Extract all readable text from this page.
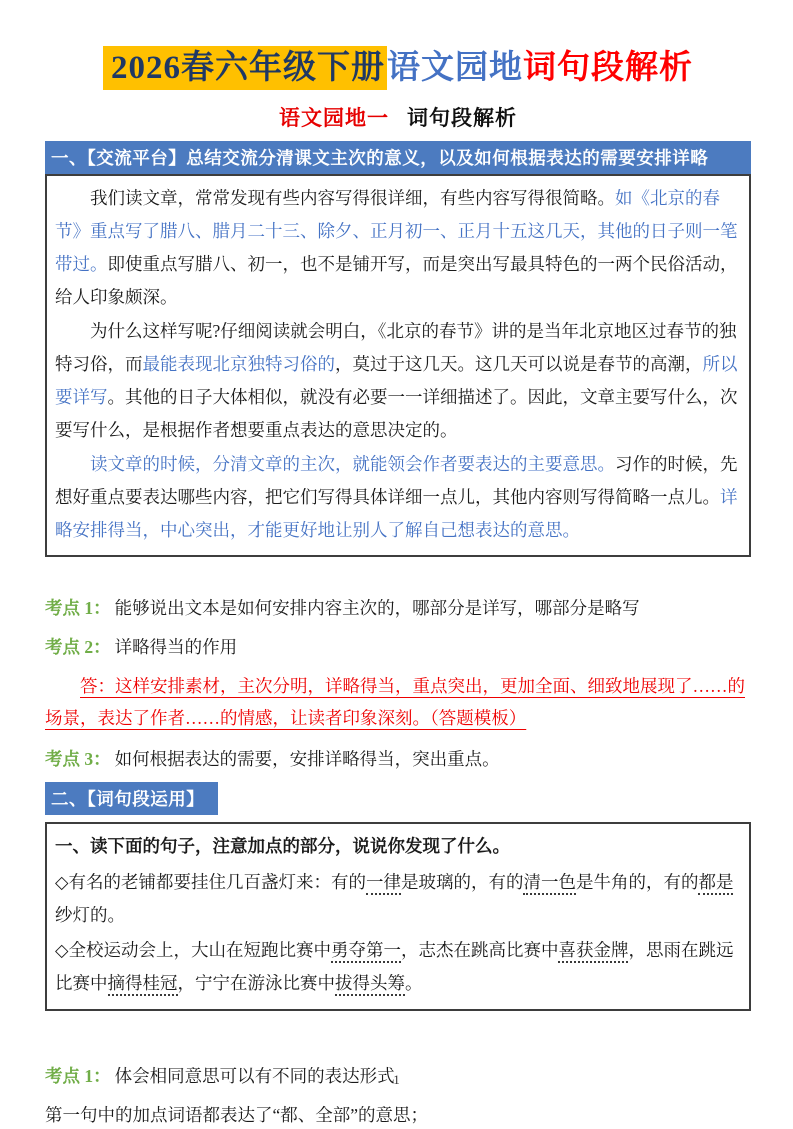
2026春六年级下册语文园地词句段解析
语文园地一 词句段解析
一、【交流平台】总结交流分清课文主次的意义，以及如何根据表达的需要安排详略

我们读文章，常常发现有些内容写得很详细，有些内容写得很简略。如《北京的春节》重点写了腊八、腊月二十三、除夕、正月初一、正月十五这几天，其他的日子则一笔带过。即使重点写腊八、初一，也不是铺开写，而是突出写最具特色的一两个民俗活动，给人印象颇深。

为什么这样写呢?仔细阅读就会明白，《北京的春节》讲的是当年北京地区过春节的独特习俗，而最能表现北京独特习俗的，莫过于这几天。这几天可以说是春节的高潮，所以要详写。其他的日子大体相似，就没有必要一一详细描述了。因此，文章主要写什么，次要写什么，是根据作者想要重点表达的意思决定的。

读文章的时候，分清文章的主次，就能领会作者要表达的主要意思。习作的时候，先想好重点要表达哪些内容，把它们写得具体详细一点儿，其他内容则写得简略一点儿。详略安排得当，中心突出，才能更好地让别人了解自己想表达的意思。

考点 1： 能够说出文本是如何安排内容主次的，哪部分是详写，哪部分是略写
考点 2： 详略得当的作用
答：这样安排素材，主次分明，详略得当，重点突出，更加全面、细致地展现了……的场景，表达了作者……的情感，让读者印象深刻。（答题模板）
考点 3： 如何根据表达的需要，安排详略得当，突出重点。
二、【词句段运用】

一、读下面的句子，注意加点的部分，说说你发现了什么。

◇有名的老铺都要挂住几百盏灯来：有的一律是玻璃的，有的清一色是牛角的，有的都是纱灯的。

◇全校运动会上，大山在短跑比赛中勇夺第一，志杰在跳高比赛中喜获金牌，思雨在跳远比赛中摘得桂冠，宁宁在游泳比赛中拔得头筹。

考点 1： 体会相同意思可以有不同的表达形式
第一句中的加点词语都表达了“都、全部”的意思；
1
